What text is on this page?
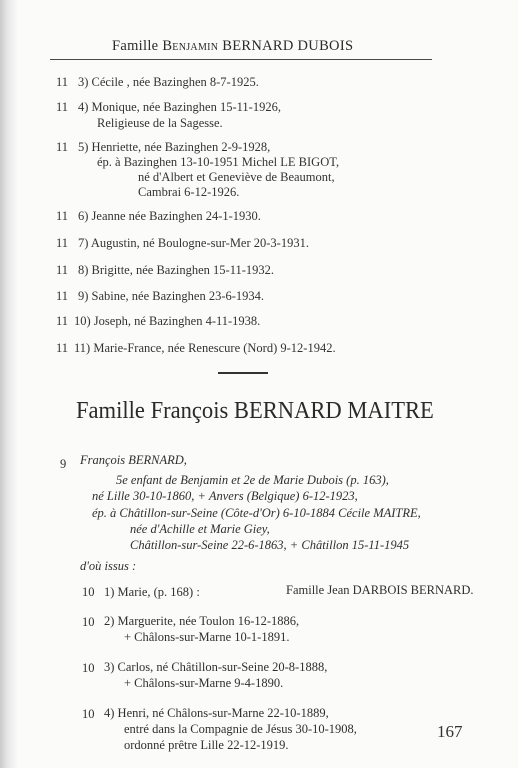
Famille Benjamin BERNARD DUBOIS
11 3) Cécile , née Bazinghen 8-7-1925.
11 4) Monique, née Bazinghen 15-11-1926,
Religieuse de la Sagesse.
11 5) Henriette, née Bazinghen 2-9-1928,
ép. à Bazinghen 13-10-1951 Michel LE BIGOT,
né d'Albert et Geneviève de Beaumont,
Cambrai 6-12-1926.
11 6) Jeanne née Bazinghen 24-1-1930.
11 7) Augustin, né Boulogne-sur-Mer 20-3-1931.
11 8) Brigitte, née Bazinghen 15-11-1932.
11 9) Sabine, née Bazinghen 23-6-1934.
11 10) Joseph, né Bazinghen 4-11-1938.
11 11) Marie-France, née Renescure (Nord) 9-12-1942.
Famille François BERNARD MAITRE
9 François BERNARD,
5e enfant de Benjamin et 2e de Marie Dubois (p. 163),
né Lille 30-10-1860, + Anvers (Belgique) 6-12-1923,
ép. à Châtillon-sur-Seine (Côte-d'Or) 6-10-1884 Cécile MAITRE,
née d'Achille et Marie Giey,
Châtillon-sur-Seine 22-6-1863, + Châtillon 15-11-1945
d'où issus :
10 1) Marie, (p. 168) :	Famille Jean DARBOIS BERNARD.
10 2) Marguerite, née Toulon 16-12-1886,
+ Châlons-sur-Marne 10-1-1891.
10 3) Carlos, né Châtillon-sur-Seine 20-8-1888,
+ Châlons-sur-Marne 9-4-1890.
10 4) Henri, né Châlons-sur-Marne 22-10-1889,
entré dans la Compagnie de Jésus 30-10-1908,
ordonné prêtre Lille 22-12-1919.
167
